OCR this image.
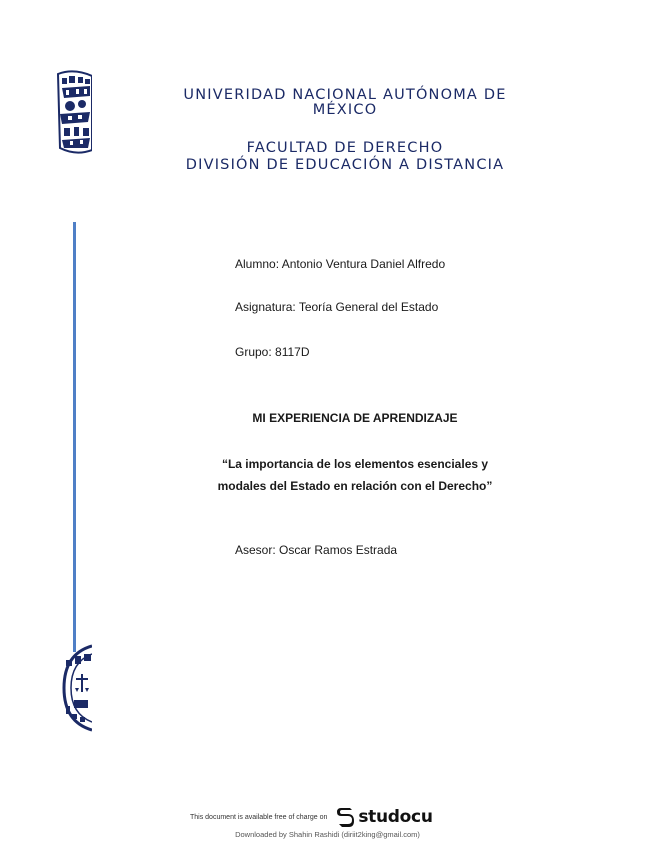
UNIVERIDAD NACIONAL AUTÓNOMA DE
MÉXICO
FACULTAD DE DERECHO
DIVISIÓN DE EDUCACIÓN A DISTANCIA
Alumno: Antonio Ventura Daniel Alfredo
Asignatura: Teoría General del Estado
Grupo: 8117D
MI EXPERIENCIA DE APRENDIZAJE
“La importancia de los elementos esenciales y
modales del Estado en relación con el Derecho”
Asesor: Oscar Ramos Estrada
This document is available free of charge on studocu
Downloaded by Shahin Rashidi (diriit2king@gmail.com)
